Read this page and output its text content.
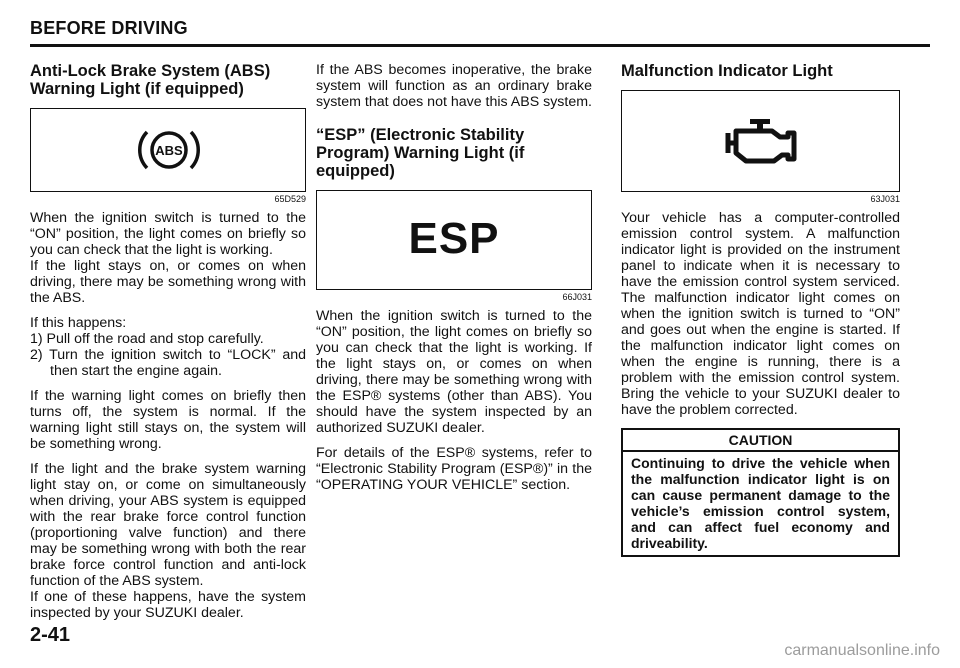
BEFORE DRIVING
Anti-Lock Brake System (ABS) Warning Light (if equipped)
ABS
65D529

When the ignition switch is turned to the “ON” position, the light comes on briefly so you can check that the light is working.

If the light stays on, or comes on when driving, there may be something wrong with the ABS.

If this happens:

1) Pull off the road and stop carefully.
2) Turn the ignition switch to “LOCK” and then start the engine again.

If the warning light comes on briefly then turns off, the system is normal. If the warning light still stays on, the system will be something wrong.

If the light and the brake system warning light stay on, or come on simultaneously when driving, your ABS system is equipped with the rear brake force control function (proportioning valve function) and there may be something wrong with both the rear brake force control function and anti-lock function of the ABS system.

If one of these happens, have the system inspected by your SUZUKI dealer.

If the ABS becomes inoperative, the brake system will function as an ordinary brake system that does not have this ABS system.

“ESP” (Electronic Stability Program) Warning Light (if equipped)
ESP
66J031

When the ignition switch is turned to the “ON” position, the light comes on briefly so you can check that the light is working. If the light stays on, or comes on when driving, there may be something wrong with the ESP® systems (other than ABS). You should have the system inspected by an authorized SUZUKI dealer.

For details of the ESP® systems, refer to “Electronic Stability Program (ESP®)” in the “OPERATING YOUR VEHICLE” section.

Malfunction Indicator Light
63J031

Your vehicle has a computer-controlled emission control system. A malfunction indicator light is provided on the instrument panel to indicate when it is necessary to have the emission control system serviced. The malfunction indicator light comes on when the ignition switch is turned to “ON” and goes out when the engine is started. If the malfunction indicator light comes on when the engine is running, there is a problem with the emission control system. Bring the vehicle to your SUZUKI dealer to have the problem corrected.

CAUTION
Continuing to drive the vehicle when the malfunction indicator light is on can cause permanent damage to the vehicle’s emission control system, and can affect fuel economy and driveability.
2-41
carmanualsonline.info
